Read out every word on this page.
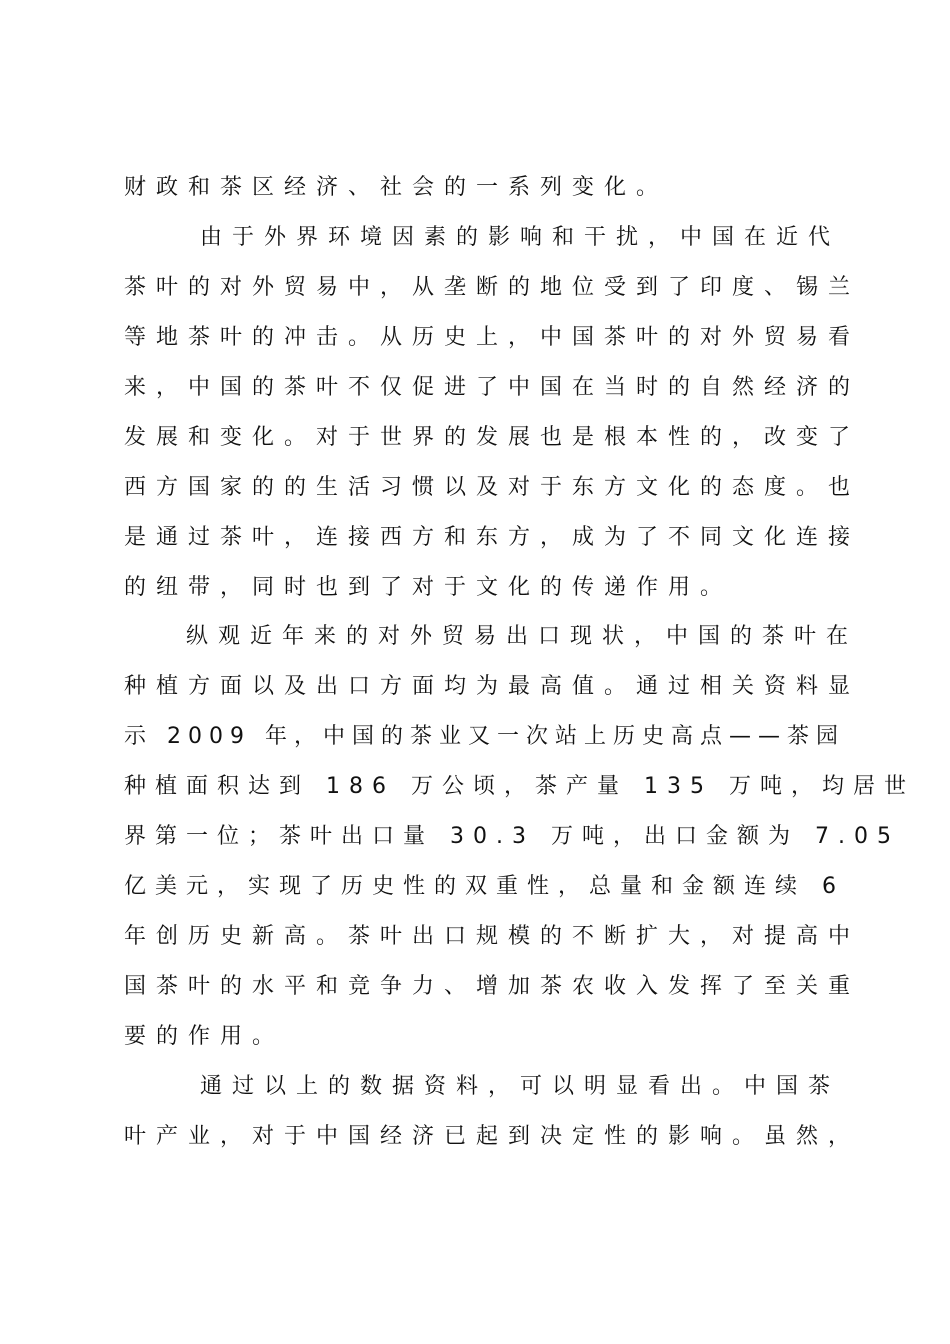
财政和茶区经济、社会的一系列变化。
由于外界环境因素的影响和干扰，中国在近代
茶叶的对外贸易中，从垄断的地位受到了印度、锡兰
等地茶叶的冲击。从历史上，中国茶叶的对外贸易看
来，中国的茶叶不仅促进了中国在当时的自然经济的
发展和变化。对于世界的发展也是根本性的，改变了
西方国家的的生活习惯以及对于东方文化的态度。也
是通过茶叶，连接西方和东方，成为了不同文化连接
的纽带，同时也到了对于文化的传递作用。
纵观近年来的对外贸易出口现状，中国的茶叶在
种植方面以及出口方面均为最高值。通过相关资料显
示 2009 年，中国的茶业又一次站上历史高点——茶园
种植面积达到 186 万公顷，茶产量 135 万吨，均居世
界第一位；茶叶出口量 30.3 万吨，出口金额为 7.05
亿美元，实现了历史性的双重性，总量和金额连续 6
年创历史新高。茶叶出口规模的不断扩大，对提高中
国茶叶的水平和竞争力、增加茶农收入发挥了至关重
要的作用。
通过以上的数据资料，可以明显看出。中国茶
叶产业，对于中国经济已起到决定性的影响。虽然，
